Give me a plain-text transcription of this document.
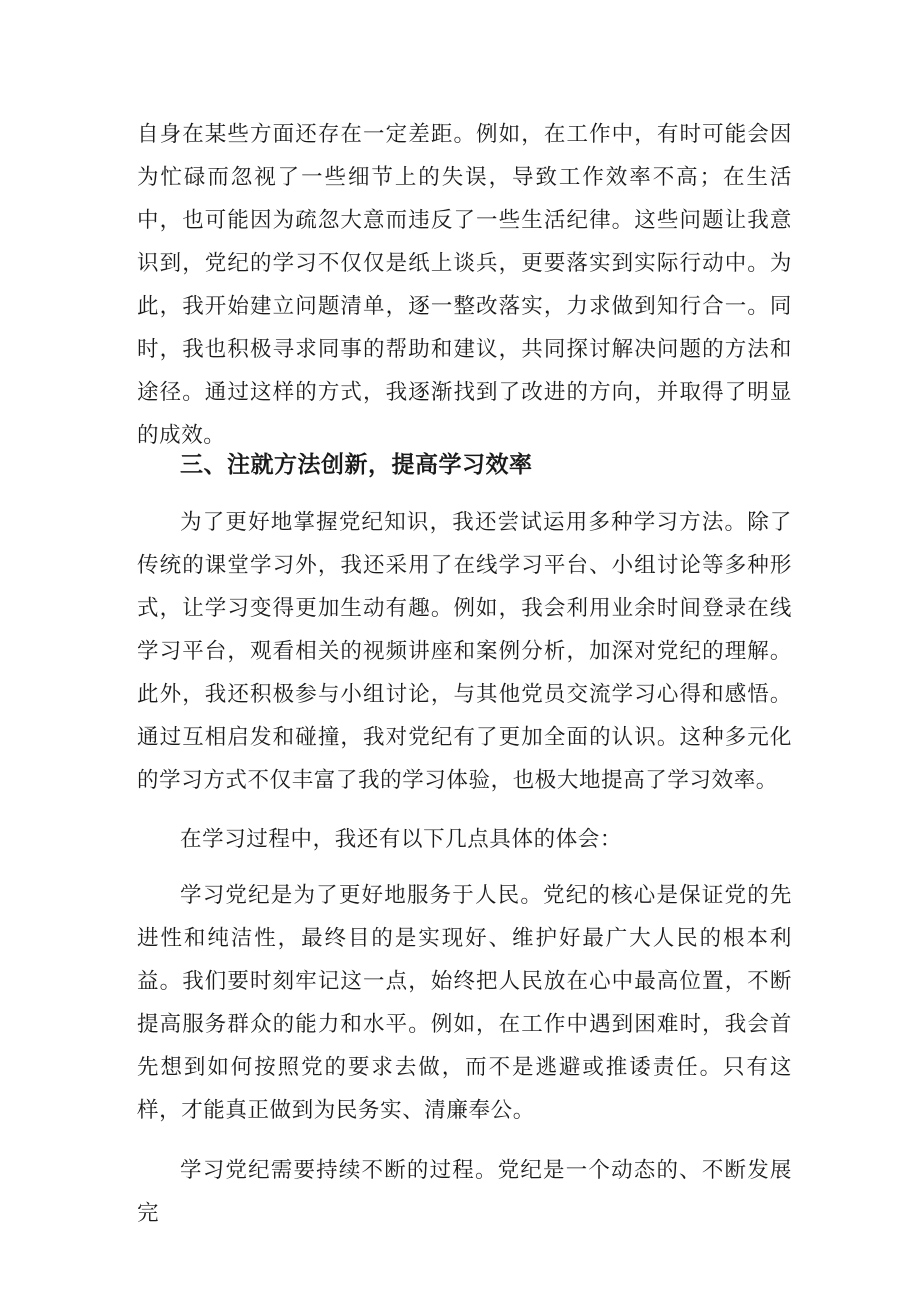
自身在某些方面还存在一定差距。例如，在工作中，有时可能会因为忙碌而忽视了一些细节上的失误，导致工作效率不高；在生活中，也可能因为疏忽大意而违反了一些生活纪律。这些问题让我意识到，党纪的学习不仅仅是纸上谈兵，更要落实到实际行动中。为此，我开始建立问题清单，逐一整改落实，力求做到知行合一。同时，我也积极寻求同事的帮助和建议，共同探讨解决问题的方法和途径。通过这样的方式，我逐渐找到了改进的方向，并取得了明显的成效。

三、注就方法创新，提高学习效率

为了更好地掌握党纪知识，我还尝试运用多种学习方法。除了传统的课堂学习外，我还采用了在线学习平台、小组讨论等多种形式，让学习变得更加生动有趣。例如，我会利用业余时间登录在线学习平台，观看相关的视频讲座和案例分析，加深对党纪的理解。此外，我还积极参与小组讨论，与其他党员交流学习心得和感悟。通过互相启发和碰撞，我对党纪有了更加全面的认识。这种多元化的学习方式不仅丰富了我的学习体验，也极大地提高了学习效率。

在学习过程中，我还有以下几点具体的体会：

学习党纪是为了更好地服务于人民。党纪的核心是保证党的先进性和纯洁性，最终目的是实现好、维护好最广大人民的根本利益。我们要时刻牢记这一点，始终把人民放在心中最高位置，不断提高服务群众的能力和水平。例如，在工作中遇到困难时，我会首先想到如何按照党的要求去做，而不是逃避或推诿责任。只有这样，才能真正做到为民务实、清廉奉公。

学习党纪需要持续不断的过程。党纪是一个动态的、不断发展完
